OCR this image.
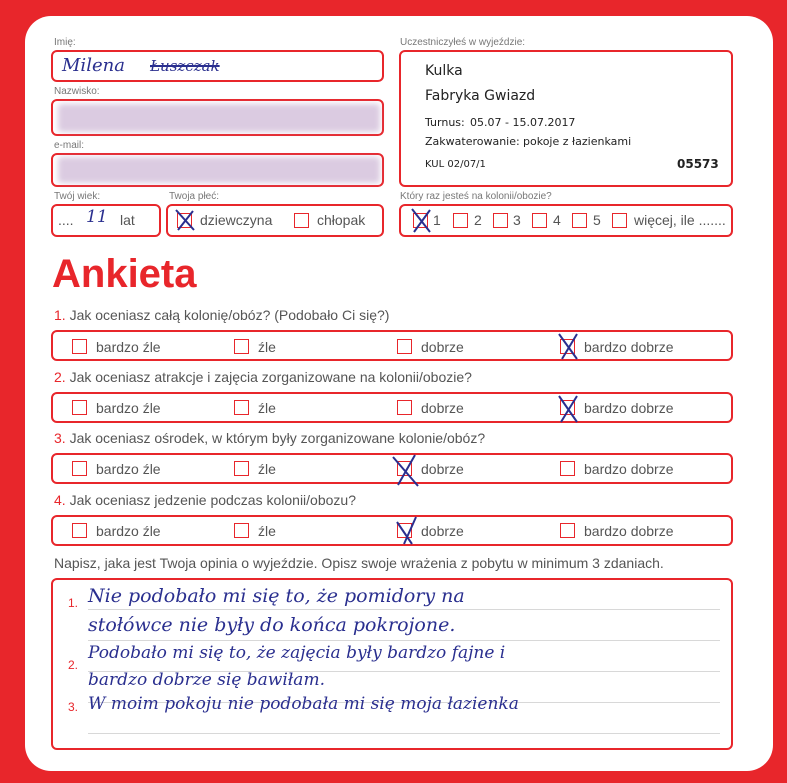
Imię:
Milena Łuszczak
Nazwisko:
e-mail:
Twój wiek:
.... 11 lat
Twoja płeć:
dziewczyna	chłopak
Uczestniczyłeś w wyjeździe:
Kulka
Fabryka Gwiazd
Turnus: 05.07 - 15.07.2017
Zakwaterowanie: pokoje z łazienkami
KUL 02/07/1	05573
Który raz jesteś na kolonii/obozie?
1 2 3 4 5 więcej, ile .......
Ankieta
1. Jak oceniasz całą kolonię/obóz? (Podobało Ci się?)
bardzo źle	źle	dobrze	bardzo dobrze
2. Jak oceniasz atrakcje i zajęcia zorganizowane na kolonii/obozie?
bardzo źle	źle	dobrze	bardzo dobrze
3. Jak oceniasz ośrodek, w którym były zorganizowane kolonie/obóz?
bardzo źle	źle	dobrze	bardzo dobrze
4. Jak oceniasz jedzenie podczas kolonii/obozu?
bardzo źle	źle	dobrze	bardzo dobrze
Napisz, jaka jest Twoja opinia o wyjeździe. Opisz swoje wrażenia z pobytu w minimum 3 zdaniach.
1.
2.
3.
Nie podobało mi się to, że pomidory na
stołówce nie były do końca pokrojone.
Podobało mi się to, że zajęcia były bardzo fajne i
bardzo dobrze się bawiłam.
W moim pokoju nie podobała mi się moja łazienka
